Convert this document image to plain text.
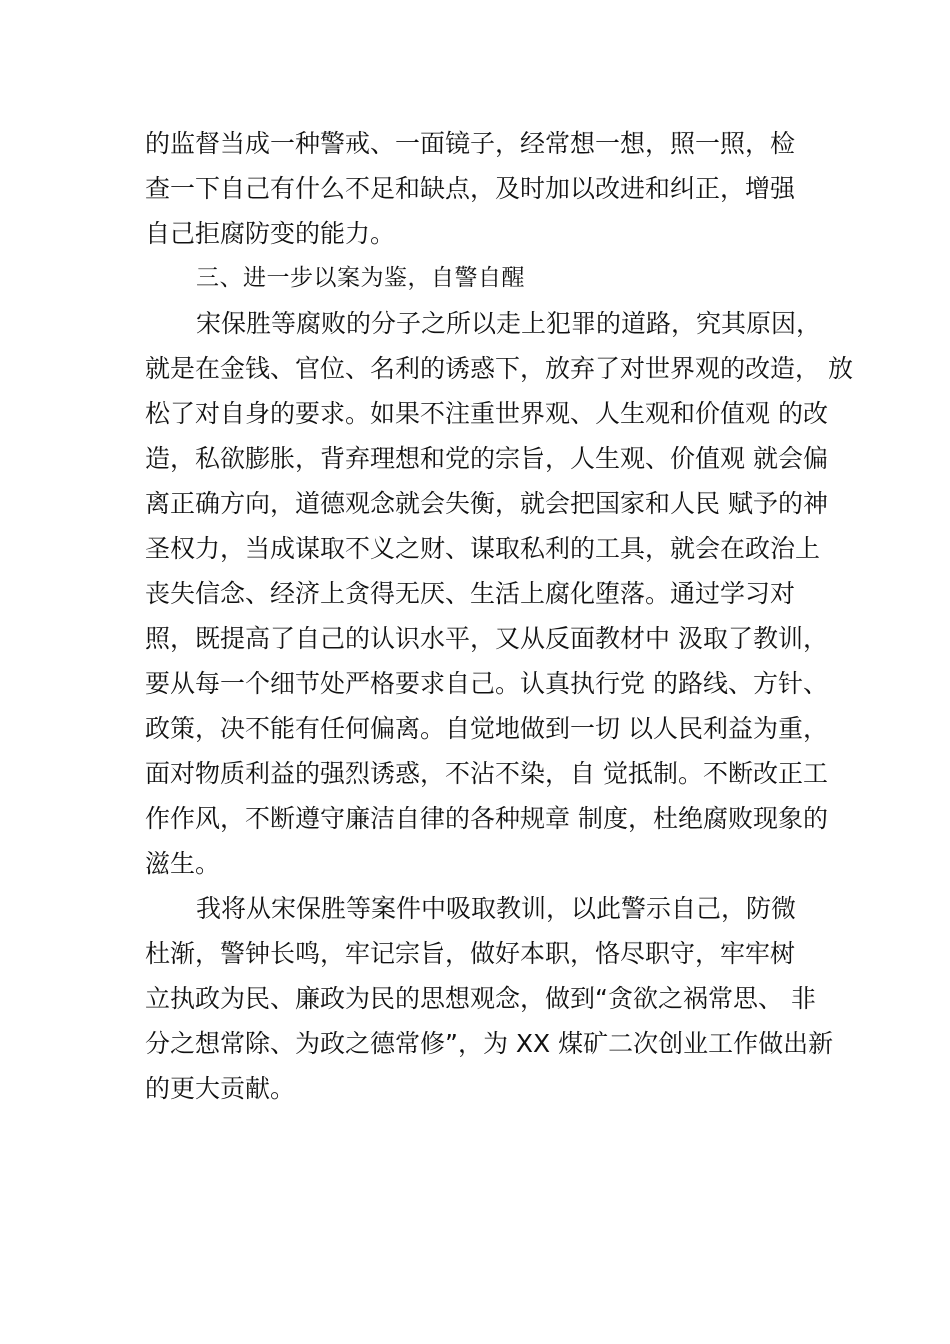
的监督当成一种警戒、一面镜子，经常想一想，照一照，检
查一下自己有什么不足和缺点，及时加以改进和纠正，增强
自己拒腐防变的能力。
三、进一步以案为鉴，自警自醒
宋保胜等腐败的分子之所以走上犯罪的道路，究其原因，
就是在金钱、官位、名利的诱惑下，放弃了对世界观的改造， 放
松了对自身的要求。如果不注重世界观、人生观和价值观 的改
造，私欲膨胀，背弃理想和党的宗旨，人生观、价值观 就会偏
离正确方向，道德观念就会失衡，就会把国家和人民 赋予的神
圣权力，当成谋取不义之财、谋取私利的工具，就会在政治上
丧失信念、经济上贪得无厌、生活上腐化堕落。通过学习对
照，既提高了自己的认识水平，又从反面教材中 汲取了教训，
要从每一个细节处严格要求自己。认真执行党 的路线、方针、
政策，决不能有任何偏离。自觉地做到一切 以人民利益为重，
面对物质利益的强烈诱惑，不沾不染，自 觉抵制。不断改正工
作作风，不断遵守廉洁自律的各种规章 制度，杜绝腐败现象的
滋生。
我将从宋保胜等案件中吸取教训，以此警示自己，防微
杜渐，警钟长鸣，牢记宗旨，做好本职，恪尽职守，牢牢树
立执政为民、廉政为民的思想观念，做到“贪欲之祸常思、 非
分之想常除、为政之德常修”，为 XX 煤矿二次创业工作做出新
的更大贡献。
